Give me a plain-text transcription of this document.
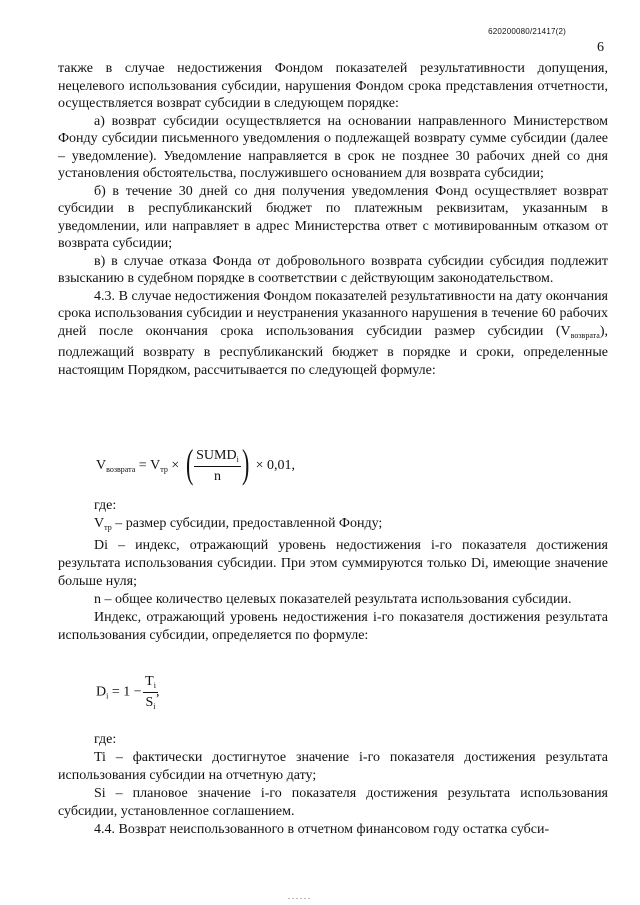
620200080/21417(2)
6

также в случае недостижения Фондом показателей результативности допущения, нецелевого использования субсидии, нарушения Фондом срока представления отчетности, осуществляется возврат субсидии в следующем порядке:

а) возврат субсидии осуществляется на основании направленного Министерством Фонду субсидии письменного уведомления о подлежащей возврату сумме субсидии (далее – уведомление). Уведомление направляется в срок не позднее 30 рабочих дней со дня установления обстоятельства, послужившего основанием для возврата субсидии;

б) в течение 30 дней со дня получения уведомления Фонд осуществляет возврат субсидии в республиканский бюджет по платежным реквизитам, указанным в уведомлении, или направляет в адрес Министерства ответ с мотивированным отказом от возврата субсидии;

в) в случае отказа Фонда от добровольного возврата субсидии субсидия подлежит взысканию в судебном порядке в соответствии с действующим законодательством.

4.3. В случае недостижения Фондом показателей результативности на дату окончания срока использования субсидии и неустранения указанного нарушения в течение 60 рабочих дней после окончания срока использования субсидии размер субсидии $(V_{возврата})$, подлежащий возврату в республиканский бюджет в порядке и сроки, определенные настоящим Порядком, рассчитывается по следующей формуле:

$V_{возврата} = V_{тр}$ × ( $\frac{SUMD_i}{n}$ ) × 0,01,

где:

$V_{тр}$ – размер субсидии, предоставленной Фонду;

Di – индекс, отражающий уровень недостижения i-го показателя достижения результата использования субсидии. При этом суммируются только Di, имеющие значение больше нуля;

n – общее количество целевых показателей результата использования субсидии.

Индекс, отражающий уровень недостижения i-го показателя достижения результата использования субсидии, определяется по формуле:

$D_i = 1$ −
$\frac{T_i}{S_i}$
,

где:

Ti – фактически достигнутое значение i-го показателя достижения результата использования субсидии на отчетную дату;

Si – плановое значение i-го показателя достижения результата использования субсидии, установленное соглашением.

4.4. Возврат неиспользованного в отчетном финансовом году остатка субси-
